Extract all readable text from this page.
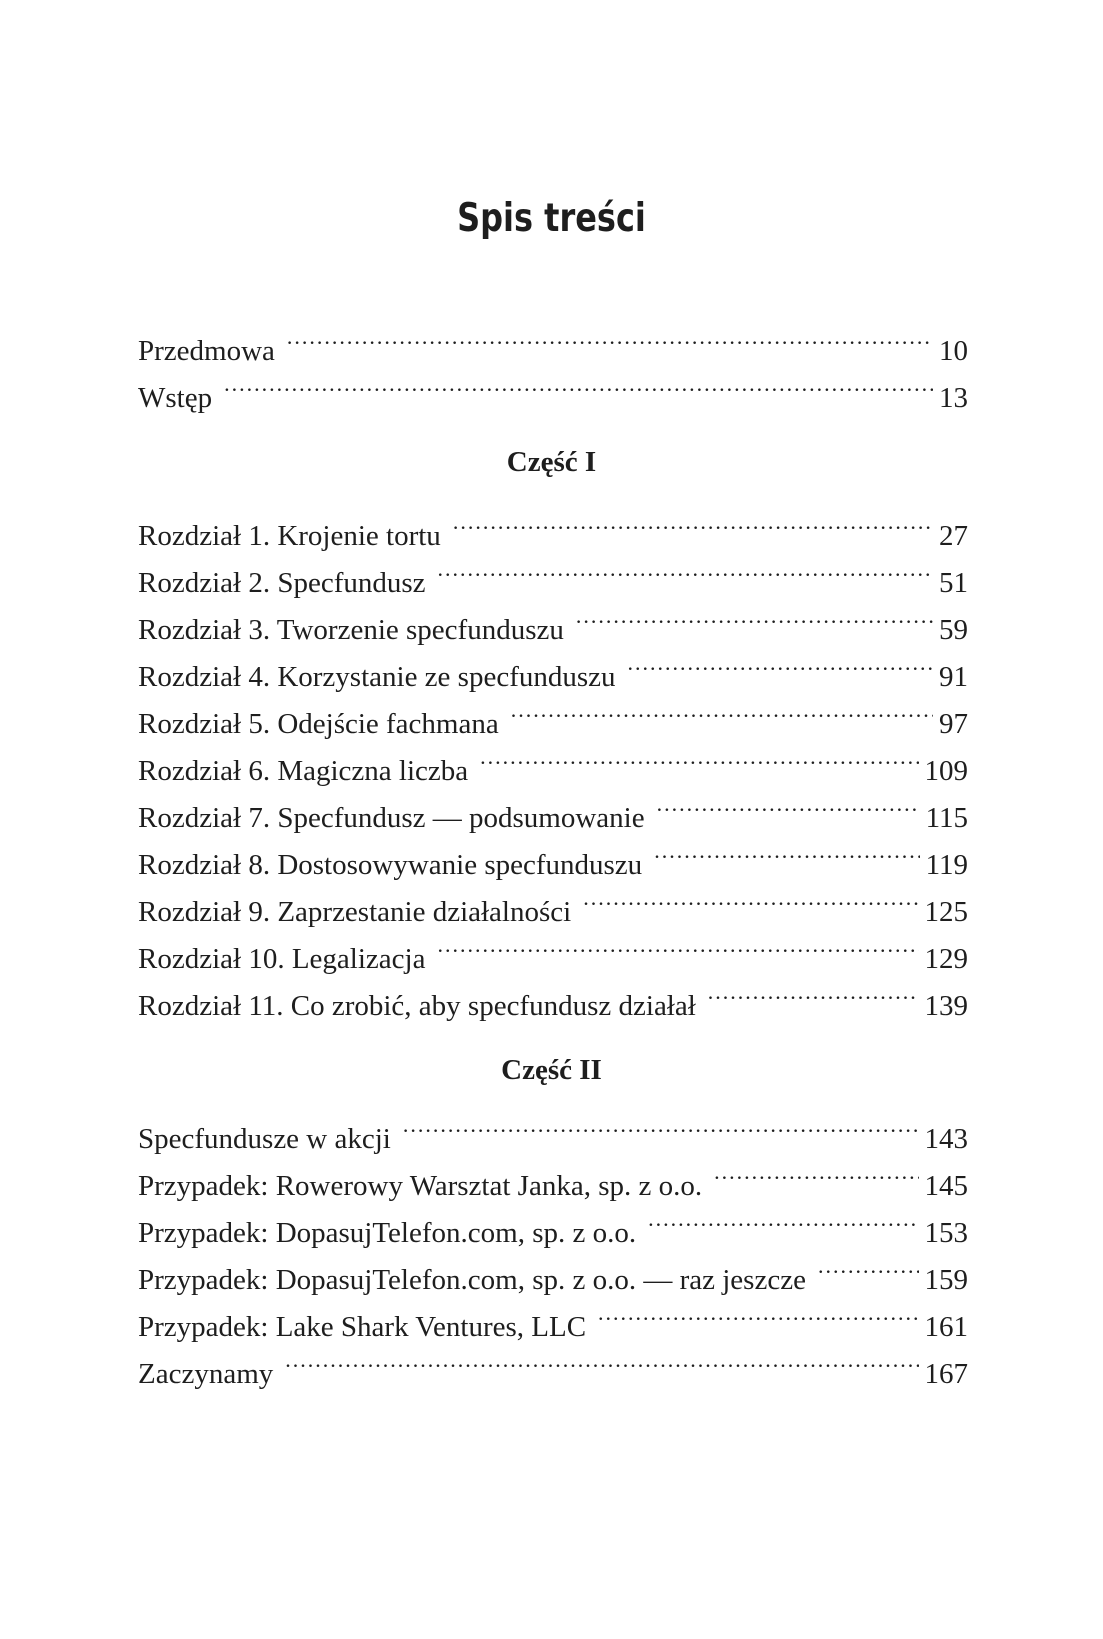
Spis treści
Przedmowa .....	10
Wstęp .....	13
Część I
Rozdział 1. Krojenie tortu .....	27
Rozdział 2. Specfundusz .....	51
Rozdział 3. Tworzenie specfunduszu .....	59
Rozdział 4. Korzystanie ze specfunduszu .....	91
Rozdział 5. Odejście fachmana .....	97
Rozdział 6. Magiczna liczba .....	109
Rozdział 7. Specfundusz — podsumowanie .....	115
Rozdział 8. Dostosowywanie specfunduszu .....	119
Rozdział 9. Zaprzestanie działalności .....	125
Rozdział 10. Legalizacja .....	129
Rozdział 11. Co zrobić, aby specfundusz działał .....	139
Część II
Specfundusze w akcji .....	143
Przypadek: Rowerowy Warsztat Janka, sp. z o.o. .....	145
Przypadek: DopasujTelefon.com, sp. z o.o. .....	153
Przypadek: DopasujTelefon.com, sp. z o.o. — raz jeszcze .....	159
Przypadek: Lake Shark Ventures, LLC .....	161
Zaczynamy .....	167
